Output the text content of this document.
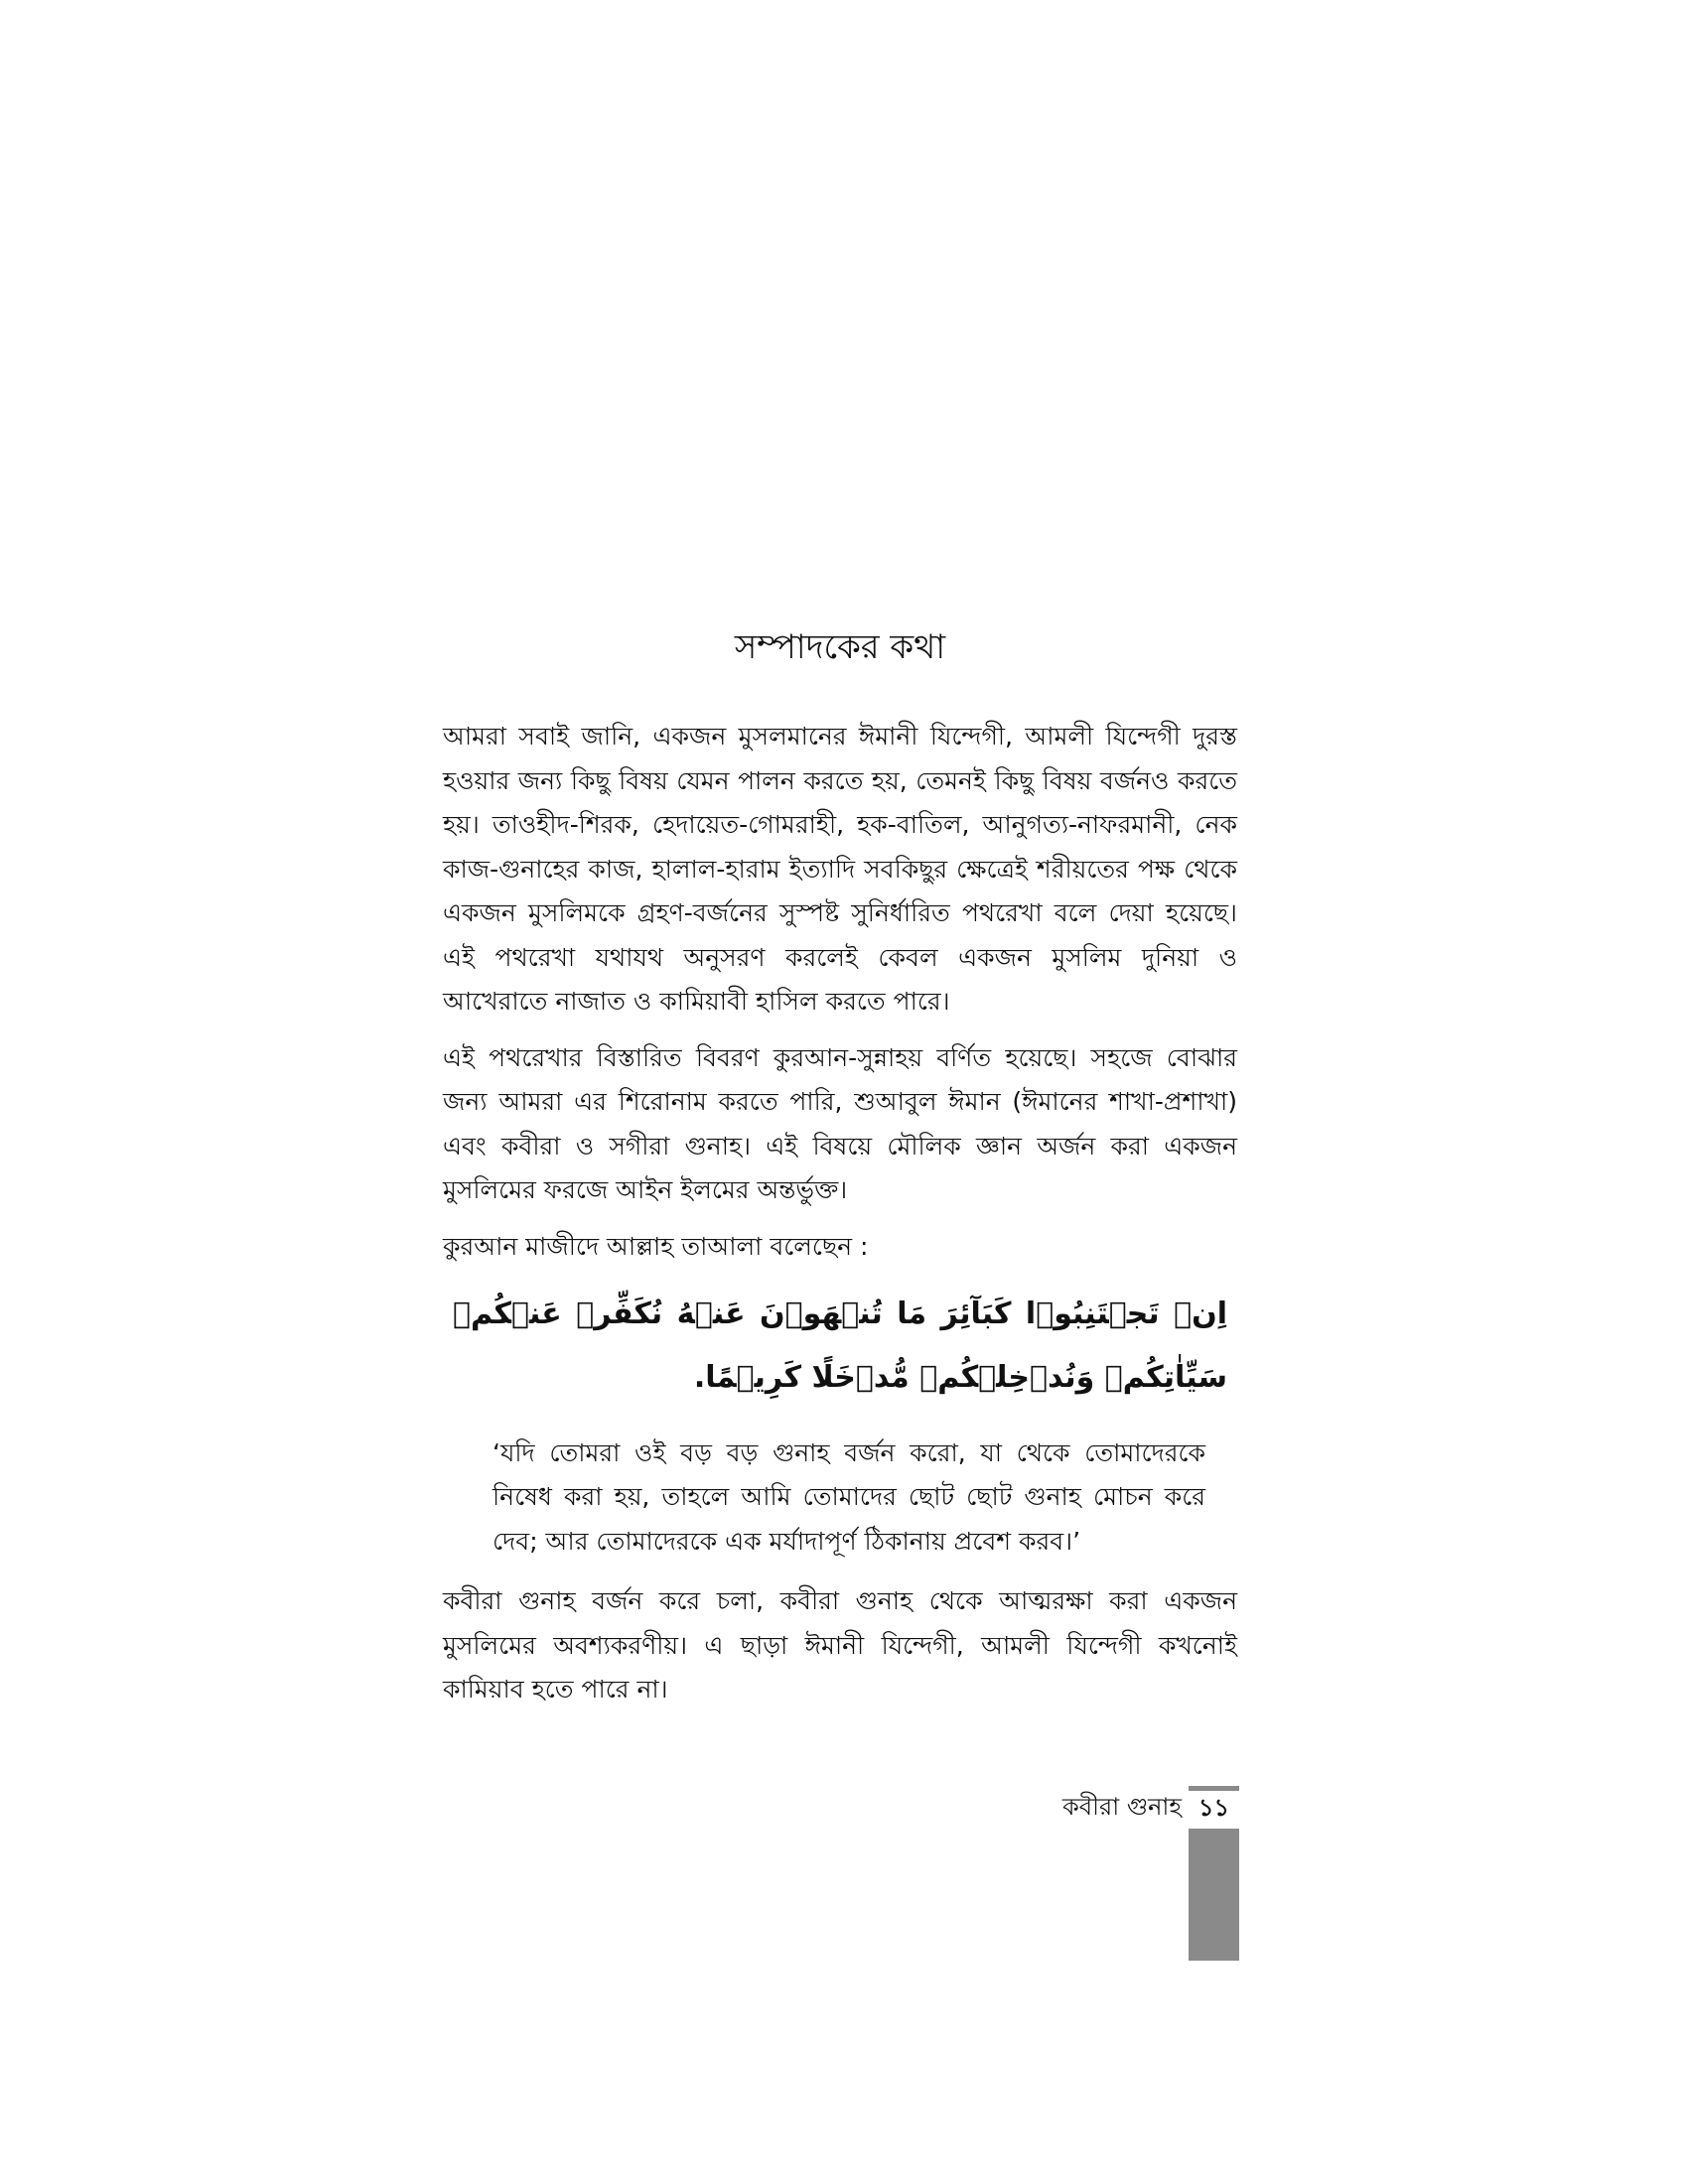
সম্পাদকের কথা

আমরা সবাই জানি, একজন মুসলমানের ঈমানী যিন্দেগী, আমলী যিন্দেগী দুরস্ত হওয়ার জন্য কিছু বিষয় যেমন পালন করতে হয়, তেমনই কিছু বিষয় বর্জনও করতে হয়। তাওহীদ-শিরক, হেদায়েত-গোমরাহী, হক-বাতিল, আনুগত্য-নাফরমানী, নেক কাজ-গুনাহের কাজ, হালাল-হারাম ইত্যাদি সবকিছুর ক্ষেত্রেই শরীয়তের পক্ষ থেকে একজন মুসলিমকে গ্রহণ-বর্জনের সুস্পষ্ট সুনির্ধারিত পথরেখা বলে দেয়া হয়েছে। এই পথরেখা যথাযথ অনুসরণ করলেই কেবল একজন মুসলিম দুনিয়া ও আখেরাতে নাজাত ও কামিয়াবী হাসিল করতে পারে।

এই পথরেখার বিস্তারিত বিবরণ কুরআন-সুন্নাহয় বর্ণিত হয়েছে। সহজে বোঝার জন্য আমরা এর শিরোনাম করতে পারি, শুআবুল ঈমান (ঈমানের শাখা-প্রশাখা) এবং কবীরা ও সগীরা গুনাহ। এই বিষয়ে মৌলিক জ্ঞান অর্জন করা একজন মুসলিমের ফরজে আইন ইলমের অন্তর্ভুক্ত।

কুরআন মাজীদে আল্লাহ তাআলা বলেছেন :

اِنۡ تَجۡتَنِبُوۡا كَبَآئِرَ مَا تُنۡهَوۡنَ عَنۡهُ نُكَفِّرۡ عَنۡكُمۡ سَيِّاٰتِكُمۡ وَنُدۡخِلۡكُمۡ مُّدۡخَلًا كَرِيۡمًا.

‘যদি তোমরা ওই বড় বড় গুনাহ বর্জন করো, যা থেকে তোমাদেরকে নিষেধ করা হয়, তাহলে আমি তোমাদের ছোট ছোট গুনাহ মোচন করে দেব; আর তোমাদেরকে এক মর্যাদাপূর্ণ ঠিকানায় প্রবেশ করব।’

কবীরা গুনাহ বর্জন করে চলা, কবীরা গুনাহ থেকে আত্মরক্ষা করা একজন মুসলিমের অবশ্যকরণীয়। এ ছাড়া ঈমানী যিন্দেগী, আমলী যিন্দেগী কখনোই কামিয়াব হতে পারে না।

কবীরা গুনাহ ১১
